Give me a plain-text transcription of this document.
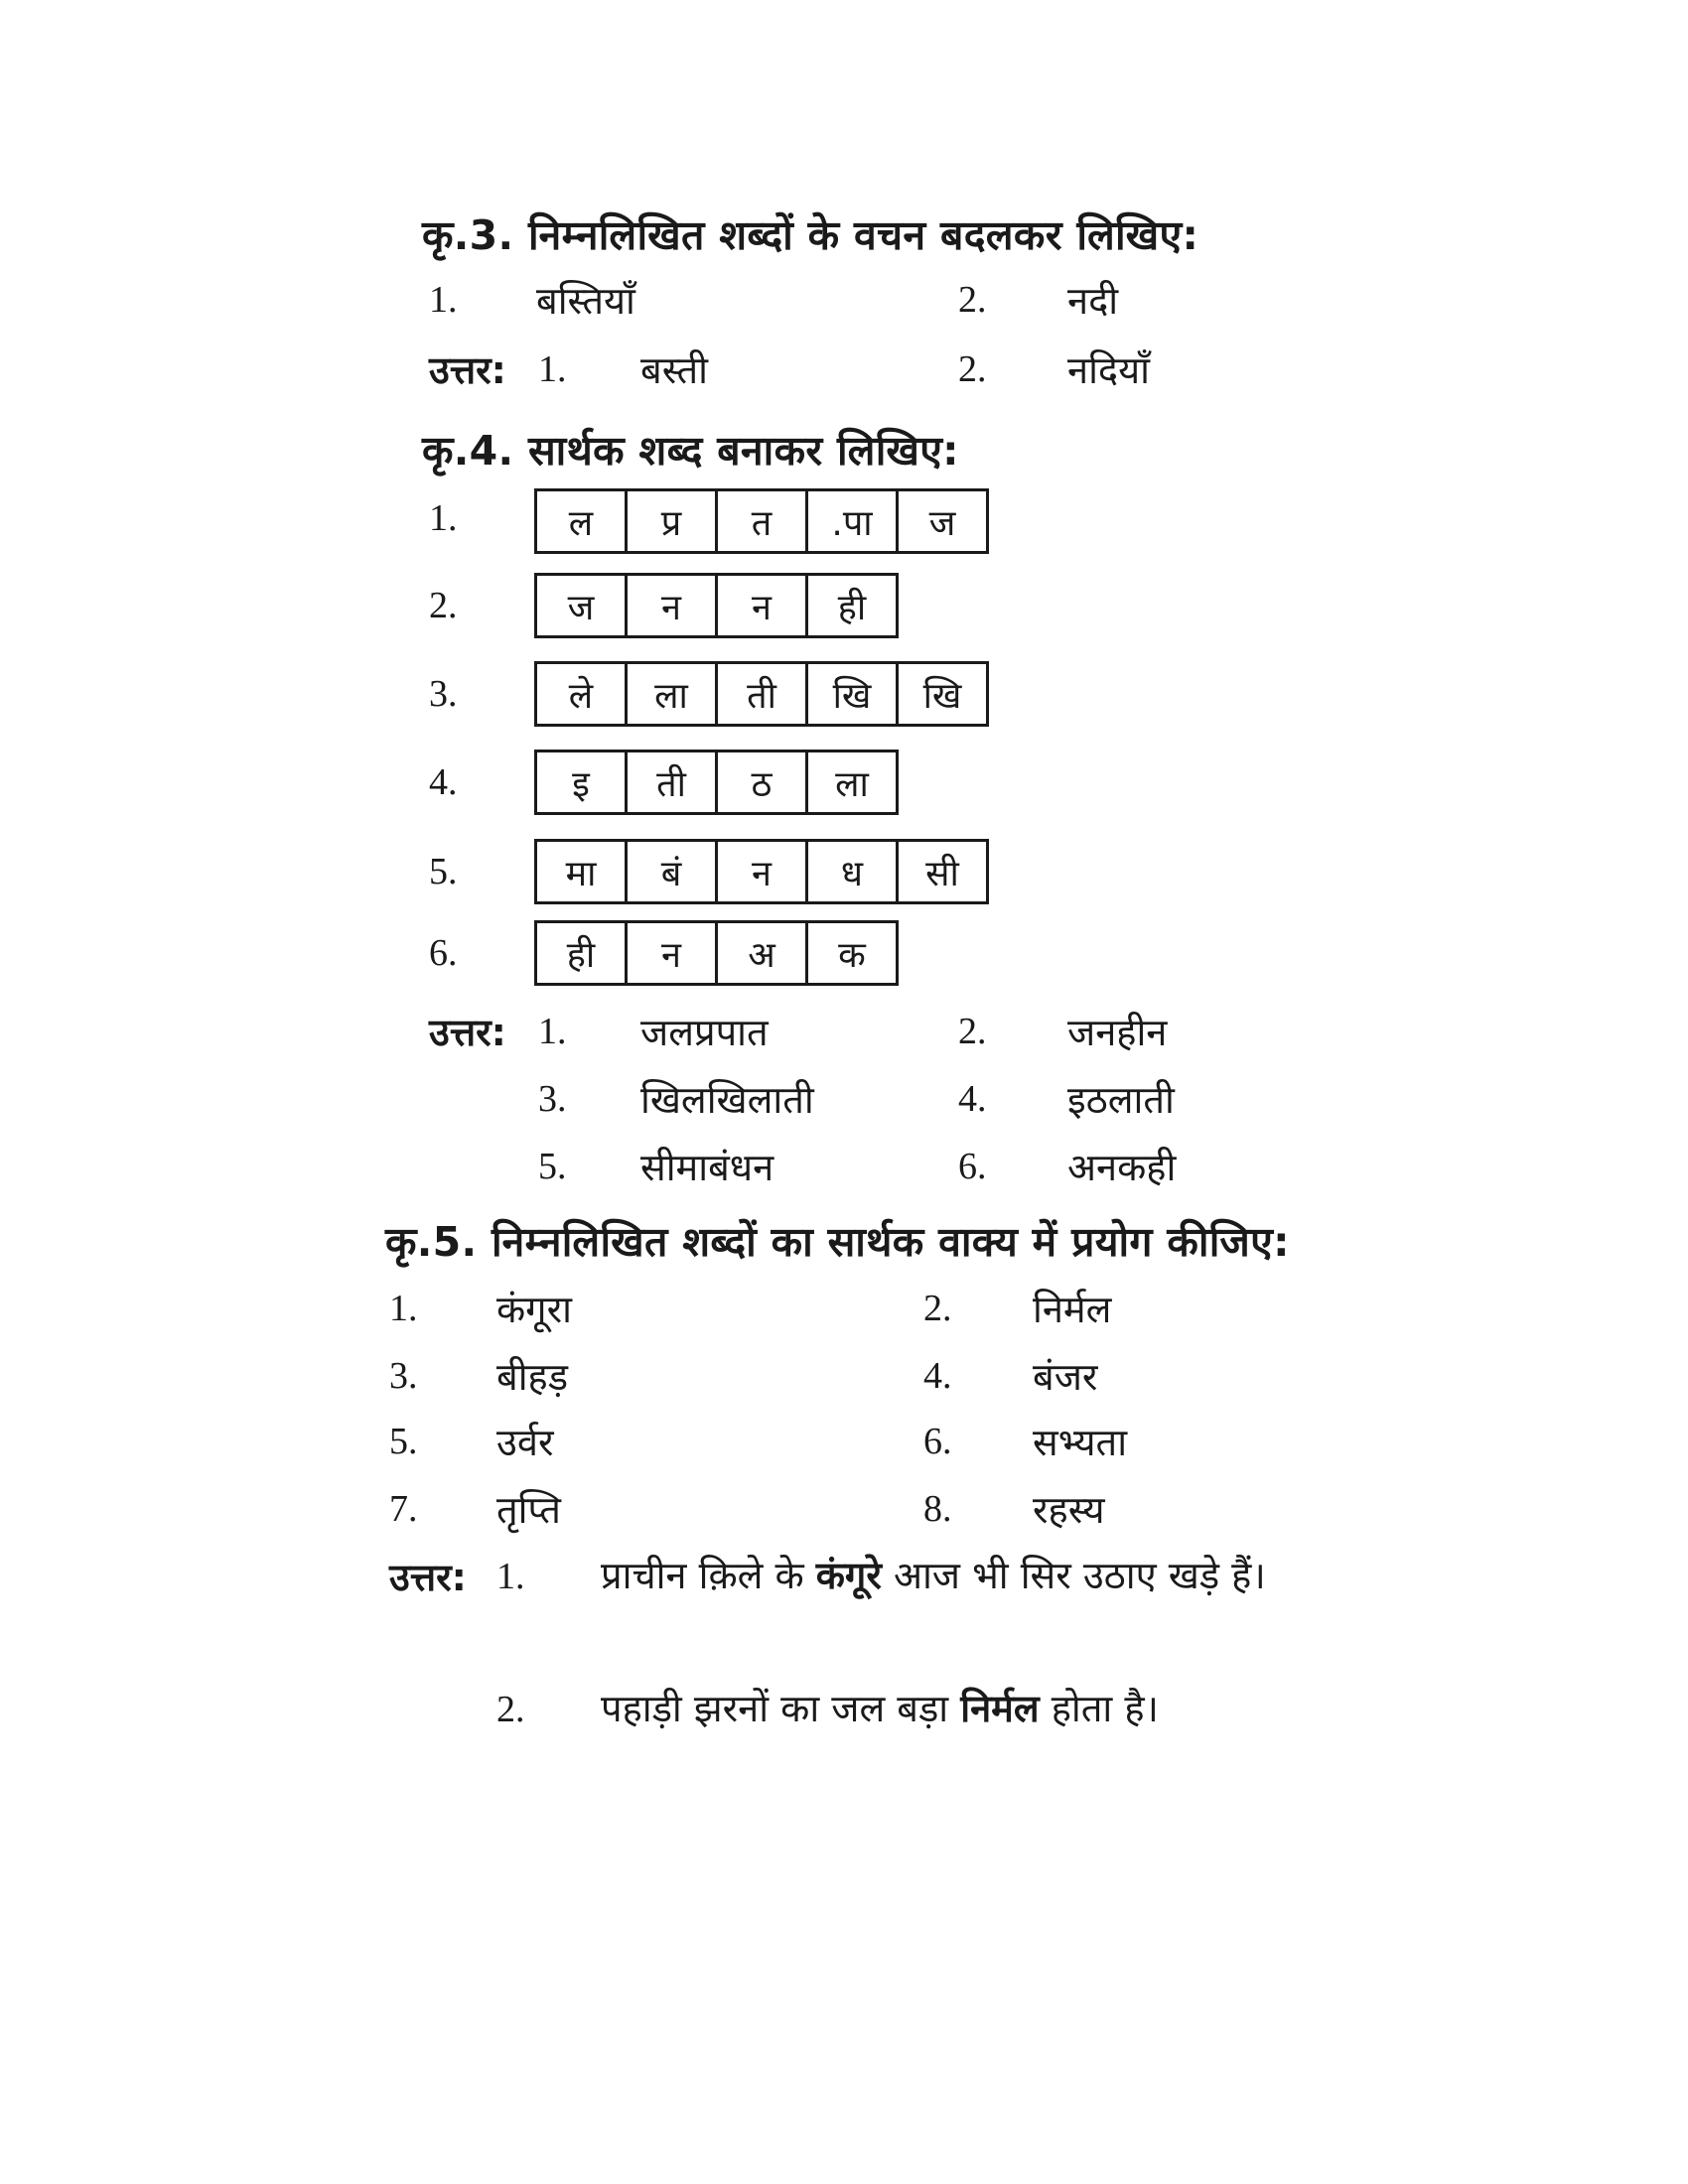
कृ.3. निम्नलिखित शब्दों के वचन बदलकर लिखिए:
1. बस्तियाँ	2. नदी
उत्तर: 1. बस्ती	2. नदियाँ
कृ.4. सार्थक शब्द बनाकर लिखिए:
1.	ल	प्र	त	.पा	ज
2.	ज	न	न	ही
3.	ले	ला	ती	खि	खि
4.	इ	ती	ठ	ला
5.	मा	बं	न	ध	सी
6.	ही	न	अ	क
उत्तर: 1. जलप्रपात	2. जनहीन
3. खिलखिलाती	4. इठलाती
5. सीमाबंधन	6. अनकही
कृ.5. निम्नलिखित शब्दों का सार्थक वाक्य में प्रयोग कीजिए:
1. कंगूरा	2. निर्मल
3. बीहड़	4. बंजर
5. उर्वर	6. सभ्यता
7. तृप्ति	8. रहस्य
उत्तर: 1. प्राचीन क़िले के कंगूरे आज भी सिर उठाए खड़े हैं।
2. पहाड़ी झरनों का जल बड़ा निर्मल होता है।
